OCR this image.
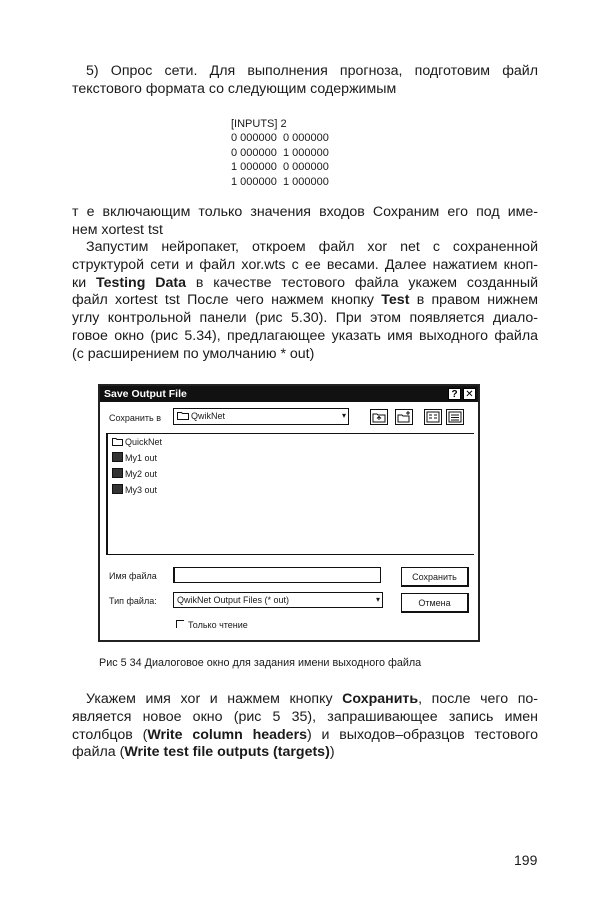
5) Опрос сети. Для выполнения прогноза, подготовим файл
текстового формата со следующим содержимым

[INPUTS] 2
0 000000  0 000000
0 000000  1 000000
1 000000  0 000000
1 000000  1 000000

т е включающим только значения входов Сохраним его под име-
нем xortest tst

Запустим нейропакет, откроем файл xor net с сохраненной
структурой сети и файл xor.wts с ее весами. Далее нажатием кноп-
ки Testing Data в качестве тестового файла укажем созданный
файл xortest tst После чего нажмем кнопку Test в правом нижнем
углу контрольной панели (рис 5.30). При этом появляется диало-
говое окно (рис 5.34), предлагающее указать имя выходного файла
(с расширением по умолчанию * out)

Save Output File	? ✕
Сохранить в	QwikNet	▾
QuickNet
My1 out
My2 out
My3 out
Имя файла
Тип файла:	QwikNet Output Files (* out)	▾
Сохранить
Отмена
Только чтение
Рис 5 34 Диалоговое окно для задания имени выходного файла

Укажем имя xor и нажмем кнопку Сохранить, после чего по-
является новое окно (рис 5 35), запрашивающее запись имен
столбцов (Write column headers) и выходов–образцов тестового
файла (Write test file outputs (targets))

199
